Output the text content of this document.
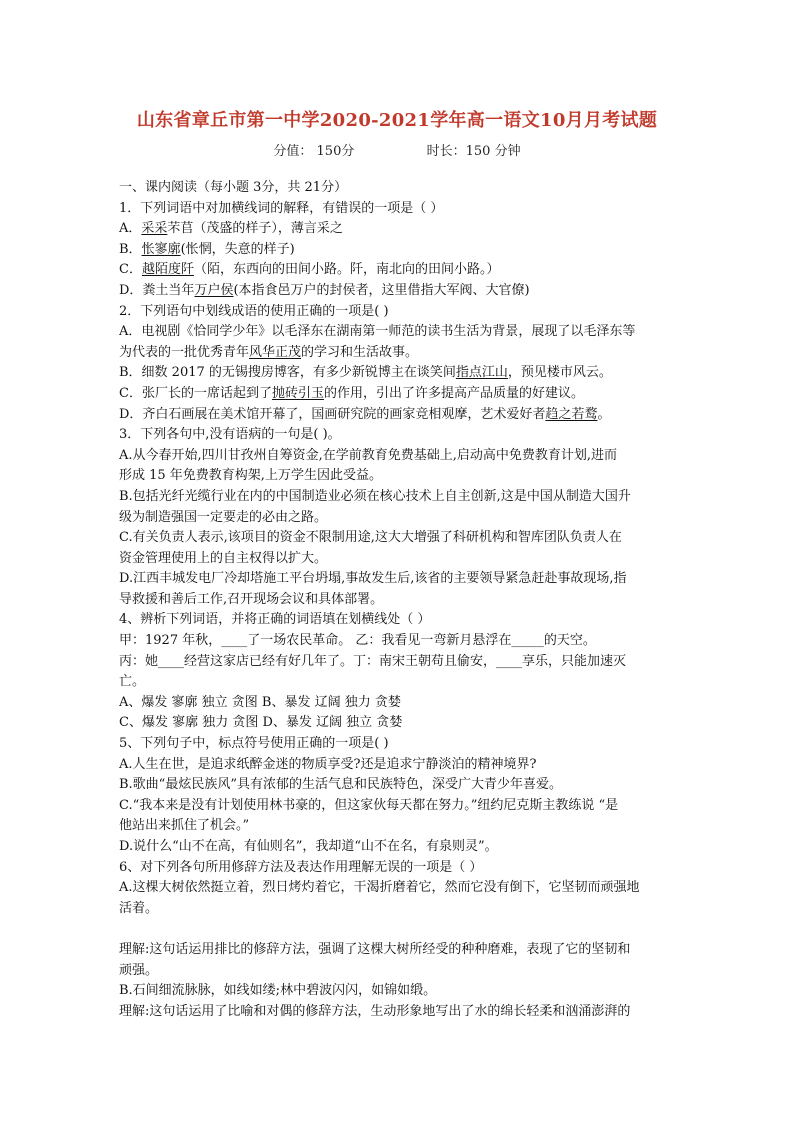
山东省章丘市第一中学2020-2021学年高一语文10月月考试题
分值： 150分	时长：150 分钟
一、课内阅读（每小题 3分，共 21分）
1．下列词语中对加横线词的解释，有错误的一项是（ ）
A．采采芣苢（茂盛的样子），薄言采之
B．怅寥廓(怅惘，失意的样子)
C．越陌度阡（陌，东西向的田间小路。阡，南北向的田间小路。）
D．粪土当年万户侯(本指食邑万户的封侯者，这里借指大军阀、大官僚)
2．下列语句中划线成语的使用正确的一项是( )
A．电视剧《恰同学少年》以毛泽东在湖南第一师范的读书生活为背景，展现了以毛泽东等
为代表的一批优秀青年风华正茂的学习和生活故事。
B．细数 2017 的无锡搜房博客，有多少新锐博主在谈笑间指点江山，预见楼市风云。
C．张厂长的一席话起到了抛砖引玉的作用，引出了许多提高产品质量的好建议。
D．齐白石画展在美术馆开幕了，国画研究院的画家竞相观摩，艺术爱好者趋之若鹜。
3．下列各句中,没有语病的一句是( )。
A.从今春开始,四川甘孜州自筹资金,在学前教育免费基础上,启动高中免费教育计划,进而
形成 15 年免费教育构架,上万学生因此受益。
B.包括光纤光缆行业在内的中国制造业必须在核心技术上自主创新,这是中国从制造大国升
级为制造强国一定要走的必由之路。
C.有关负责人表示,该项目的资金不限制用途,这大大增强了科研机构和智库团队负责人在
资金管理使用上的自主权得以扩大。
D.江西丰城发电厂冷却塔施工平台坍塌,事故发生后,该省的主要领导紧急赶赴事故现场,指
导救援和善后工作,召开现场会议和具体部署。
4、辨析下列词语，并将正确的词语填在划横线处（ ）
甲：1927 年秋，____了一场农民革命。 乙：我看见一弯新月悬浮在_____的天空。
丙：她____经营这家店已经有好几年了。丁：南宋王朝苟且偷安，____享乐，只能加速灭
亡。
A、爆发 寥廓 独立 贪图 B、暴发 辽阔 独力 贪婪
C、爆发 寥廓 独力 贪图 D、暴发 辽阔 独立 贪婪
5、下列句子中，标点符号使用正确的一项是( )
A.人生在世，是追求纸醉金迷的物质享受?还是追求宁静淡泊的精神境界?
B.歌曲“最炫民族风”具有浓郁的生活气息和民族特色，深受广大青少年喜爱。
C.“我本来是没有计划使用林书豪的，但这家伙每天都在努力。”纽约尼克斯主教练说 “是
他站出来抓住了机会。”
D.说什么“山不在高，有仙则名”，我却道“山不在名，有泉则灵”。
6、对下列各句所用修辞方法及表达作用理解无误的一项是（ ）
A.这棵大树依然挺立着，烈日烤灼着它，干渴折磨着它，然而它没有倒下，它坚韧而顽强地
活着。
理解:这句话运用排比的修辞方法，强调了这棵大树所经受的种种磨难，表现了它的坚韧和
顽强。
B.石间细流脉脉，如线如缕;林中碧波闪闪，如锦如缎。
理解:这句话运用了比喻和对偶的修辞方法，生动形象地写出了水的绵长轻柔和汹涌澎湃的
